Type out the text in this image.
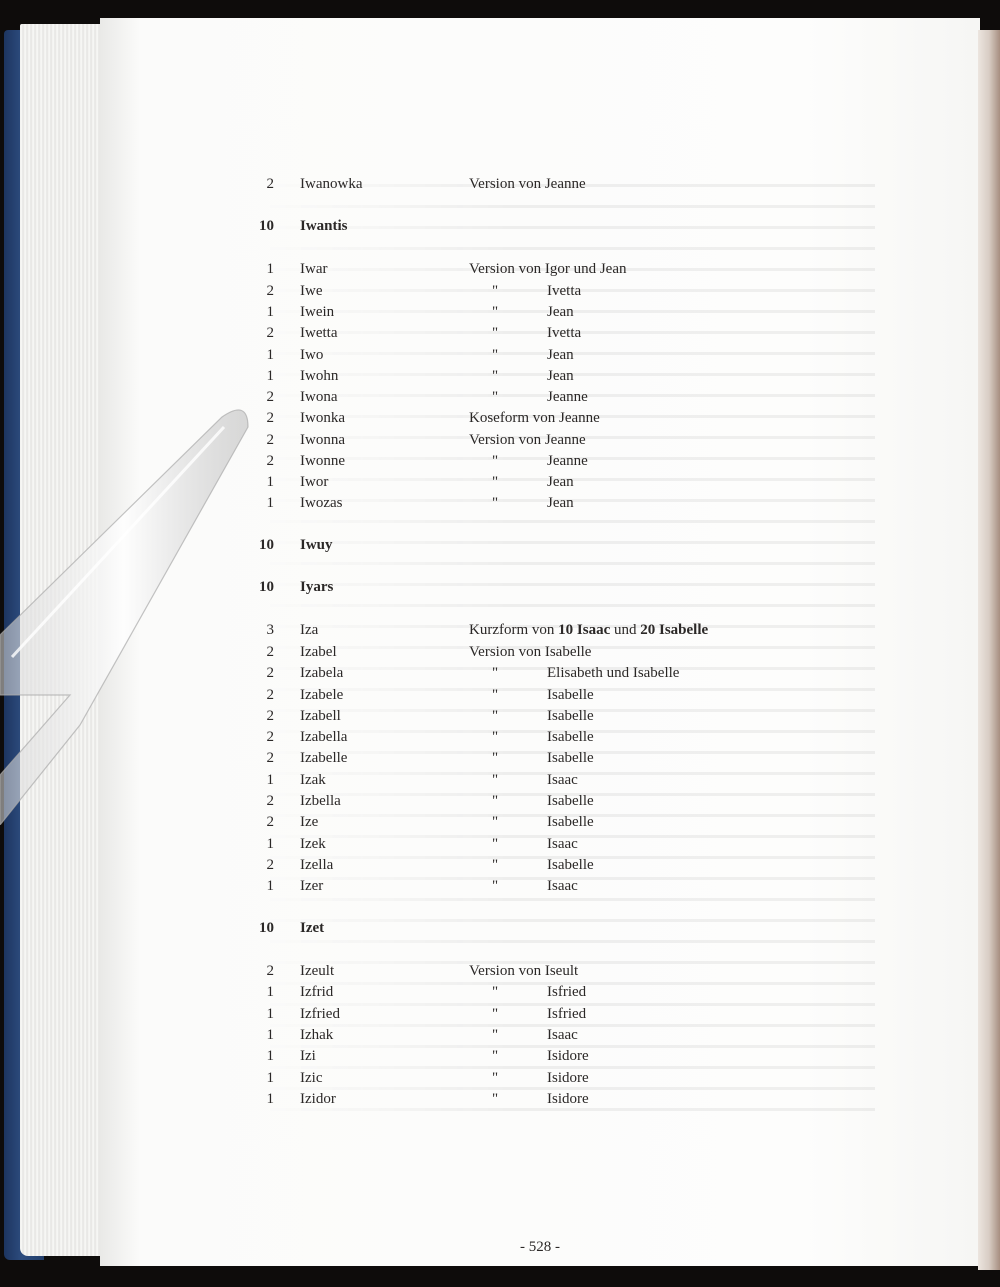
2 Iwanowka	Version von Jeanne
10 Iwantis
1 Iwar	Version von Igor und Jean
2 Iwe	"	Ivetta
1 Iwein	"	Jean
2 Iwetta	"	Ivetta
1 Iwo	"	Jean
1 Iwohn	"	Jean
2 Iwona	"	Jeanne
2 Iwonka	Koseform von Jeanne
2 Iwonna	Version von Jeanne
2 Iwonne	"	Jeanne
1 Iwor	"	Jean
1 Iwozas	"	Jean
10 Iwuy
10 Iyars
3 Iza	Kurzform von 10 Isaac und 20 Isabelle
2 Izabel	Version von Isabelle
2 Izabela	"	Elisabeth und Isabelle
2 Izabele	"	Isabelle
2 Izabell	"	Isabelle
2 Izabella	"	Isabelle
2 Izabelle	"	Isabelle
1 Izak	"	Isaac
2 Izbella	"	Isabelle
2 Ize	"	Isabelle
1 Izek	"	Isaac
2 Izella	"	Isabelle
1 Izer	"	Isaac
10 Izet
2 Izeult	Version von Iseult
1 Izfrid	"	Isfried
1 Izfried	"	Isfried
1 Izhak	"	Isaac
1 Izi	"	Isidore
1 Izic	"	Isidore
1 Izidor	"	Isidore
- 528 -
